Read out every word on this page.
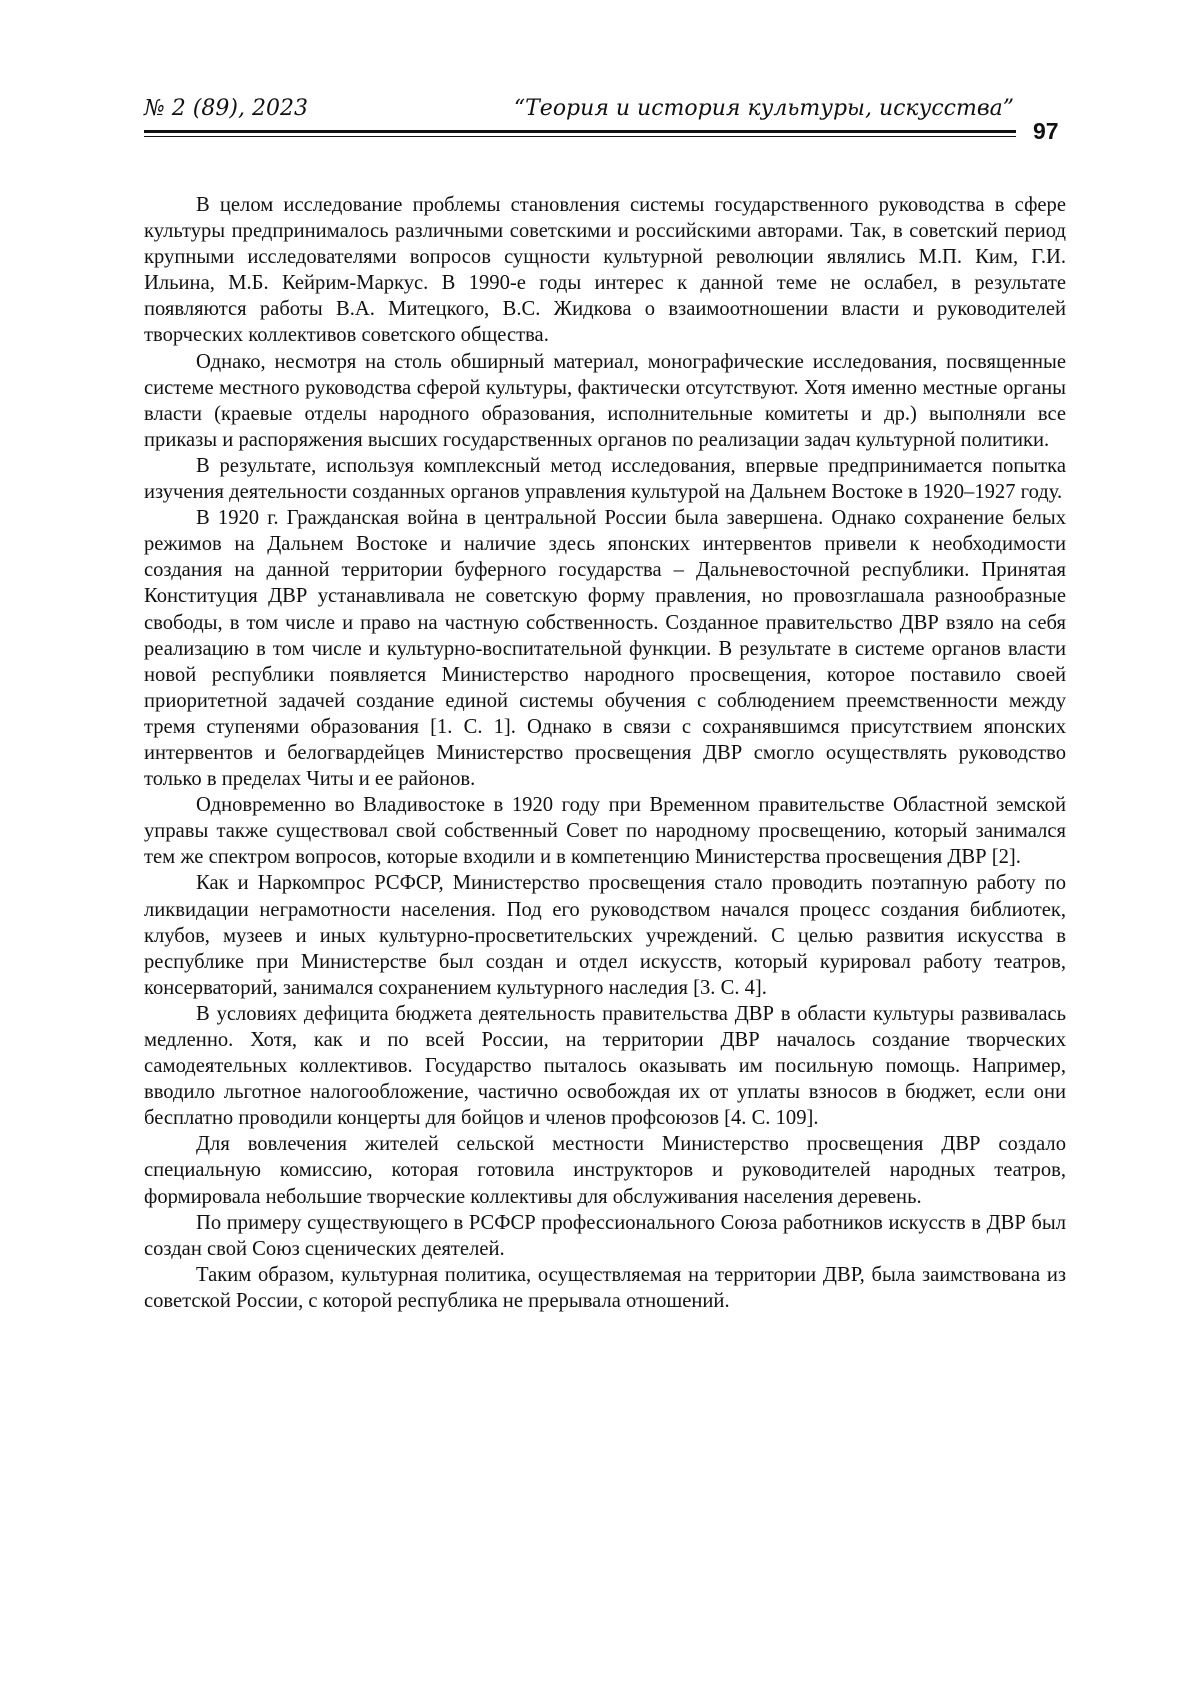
№ 2 (89), 2023	“Теория и история культуры, искусства”
97

В целом исследование проблемы становления системы государственного руководства в сфере культуры предпринималось различными советскими и российскими авторами. Так, в советский период крупными исследователями вопросов сущности культурной революции являлись М.П. Ким, Г.И. Ильина, М.Б. Кейрим-Маркус. В 1990-е годы интерес к данной теме не ослабел, в результате появляются работы В.А. Митецкого, В.С. Жидкова о взаимоотношении власти и руководителей творческих коллективов советского общества.

Однако, несмотря на столь обширный материал, монографические исследования, посвященные системе местного руководства сферой культуры, фактически отсутствуют. Хотя именно местные органы власти (краевые отделы народного образования, исполнительные комитеты и др.) выполняли все приказы и распоряжения высших государственных органов по реализации задач культурной политики.

В результате, используя комплексный метод исследования, впервые предпринимается попытка изучения деятельности созданных органов управления культурой на Дальнем Востоке в 1920–1927 году.

В 1920 г. Гражданская война в центральной России была завершена. Однако сохранение белых режимов на Дальнем Востоке и наличие здесь японских интервентов привели к необходимости создания на данной территории буферного государства – Дальневосточной республики. Принятая Конституция ДВР устанавливала не советскую форму правления, но провозглашала разнообразные свободы, в том числе и право на частную собственность. Созданное правительство ДВР взяло на себя реализацию в том числе и культурно-воспитательной функции. В результате в системе органов власти новой республики появляется Министерство народного просвещения, которое поставило своей приоритетной задачей создание единой системы обучения с соблюдением преемственности между тремя ступенями образования [1. С. 1]. Однако в связи с сохранявшимся присутствием японских интервентов и белогвардейцев Министерство просвещения ДВР смогло осуществлять руководство только в пределах Читы и ее районов.

Одновременно во Владивостоке в 1920 году при Временном правительстве Областной земской управы также существовал свой собственный Совет по народному просвещению, который занимался тем же спектром вопросов, которые входили и в компетенцию Министерства просвещения ДВР [2].

Как и Наркомпрос РСФСР, Министерство просвещения стало проводить поэтапную работу по ликвидации неграмотности населения. Под его руководством начался процесс создания библиотек, клубов, музеев и иных культурно-просветительских учреждений. С целью развития искусства в республике при Министерстве был создан и отдел искусств, который курировал работу театров, консерваторий, занимался сохранением культурного наследия [3. С. 4].

В условиях дефицита бюджета деятельность правительства ДВР в области культуры развивалась медленно. Хотя, как и по всей России, на территории ДВР началось создание творческих самодеятельных коллективов. Государство пыталось оказывать им посильную помощь. Например, вводило льготное налогообложение, частично освобождая их от уплаты взносов в бюджет, если они бесплатно проводили концерты для бойцов и членов профсоюзов [4. С. 109].

Для вовлечения жителей сельской местности Министерство просвещения ДВР создало специальную комиссию, которая готовила инструкторов и руководителей народных театров, формировала небольшие творческие коллективы для обслуживания населения деревень.

По примеру существующего в РСФСР профессионального Союза работников искусств в ДВР был создан свой Союз сценических деятелей.

Таким образом, культурная политика, осуществляемая на территории ДВР, была заимствована из советской России, с которой республика не прерывала отношений.
